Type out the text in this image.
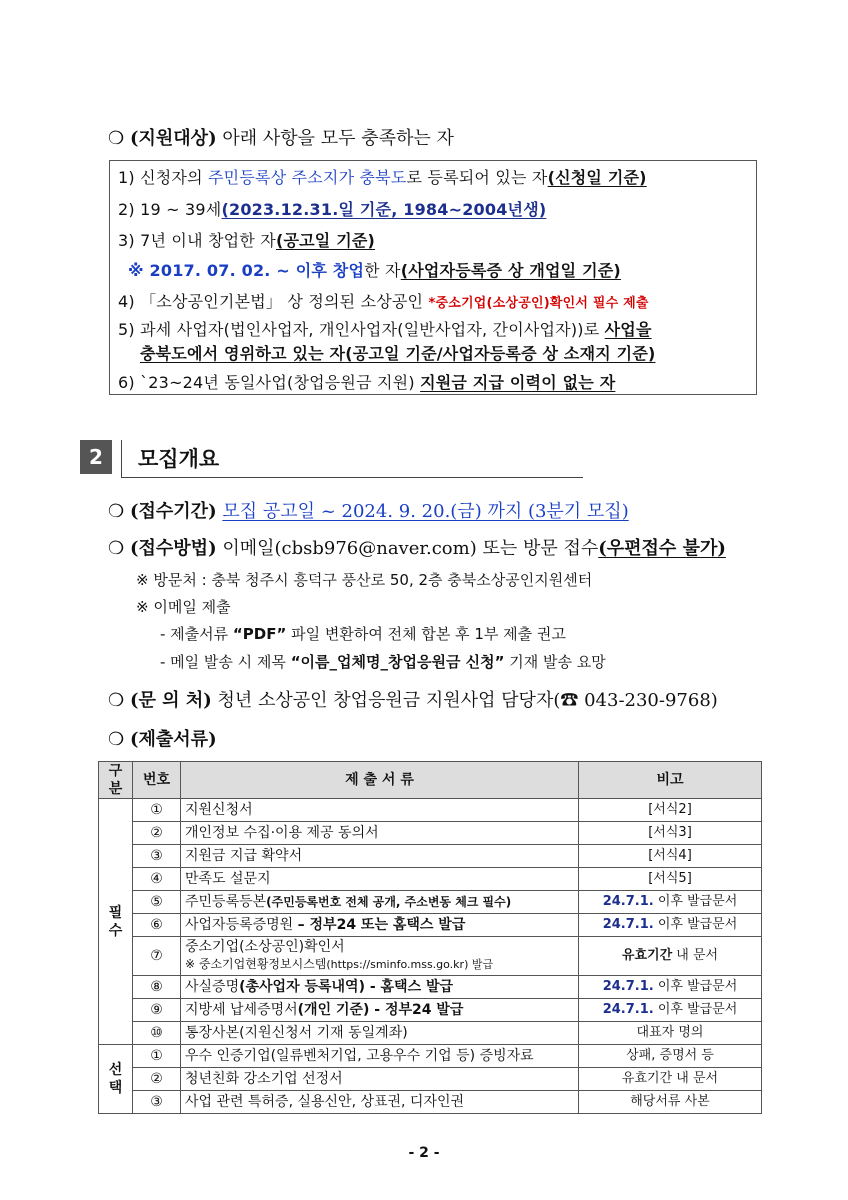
❍ (지원대상) 아래 사항을 모두 충족하는 자
1) 신청자의 주민등록상 주소지가 충북도로 등록되어 있는 자(신청일 기준)
2) 19 ~ 39세(2023.12.31.일 기준, 1984~2004년생)
3) 7년 이내 창업한 자(공고일 기준)
※ 2017. 07. 02. ~ 이후 창업한 자(사업자등록증 상 개업일 기준)
4) 「소상공인기본법」 상 정의된 소상공인 *중소기업(소상공인)확인서 필수 제출
5) 과세 사업자(법인사업자, 개인사업자(일반사업자, 간이사업자))로 사업을
충북도에서 영위하고 있는 자(공고일 기준/사업자등록증 상 소재지 기준)
6) `23~24년 동일사업(창업응원금 지원) 지원금 지급 이력이 없는 자
2	모집개요
❍ (접수기간) 모집 공고일 ~ 2024. 9. 20.(금) 까지 (3분기 모집)
❍ (접수방법) 이메일(cbsb976@naver.com) 또는 방문 접수(우편접수 불가)
※ 방문처 : 충북 청주시 흥덕구 풍산로 50, 2층 충북소상공인지원센터
※ 이메일 제출
- 제출서류 “PDF” 파일 변환하여 전체 합본 후 1부 제출 권고
- 메일 발송 시 제목 “이름_업체명_창업응원금 신청” 기재 발송 요망
❍ (문 의 처) 청년 소상공인 창업응원금 지원사업 담당자(☎ 043-230-9768)
❍ (제출서류)
구분	번호	제 출 서 류	비고
필수	①	지원신청서	[서식2]
	②	개인정보 수집·이용 제공 동의서	[서식3]
	③	지원금 지급 확약서	[서식4]
	④	만족도 설문지	[서식5]
	⑤	주민등록등본(주민등록번호 전체 공개, 주소변동 체크 필수)	24.7.1. 이후 발급문서
	⑥	사업자등록증명원 – 정부24 또는 홈택스 발급	24.7.1. 이후 발급문서
	⑦	중소기업(소상공인)확인서
※ 중소기업현황정보시스템(https://sminfo.mss.go.kr) 발급	유효기간 내 문서
	⑧	사실증명(총사업자 등록내역) - 홈택스 발급	24.7.1. 이후 발급문서
	⑨	지방세 납세증명서(개인 기준) - 정부24 발급	24.7.1. 이후 발급문서
	⑩	통장사본(지원신청서 기재 동일계좌)	대표자 명의
선택	①	우수 인증기업(일류벤처기업, 고용우수 기업 등) 증빙자료	상패, 증명서 등
	②	청년친화 강소기업 선정서	유효기간 내 문서
	③	사업 관련 특허증, 실용신안, 상표권, 디자인권	해당서류 사본
- 2 -
